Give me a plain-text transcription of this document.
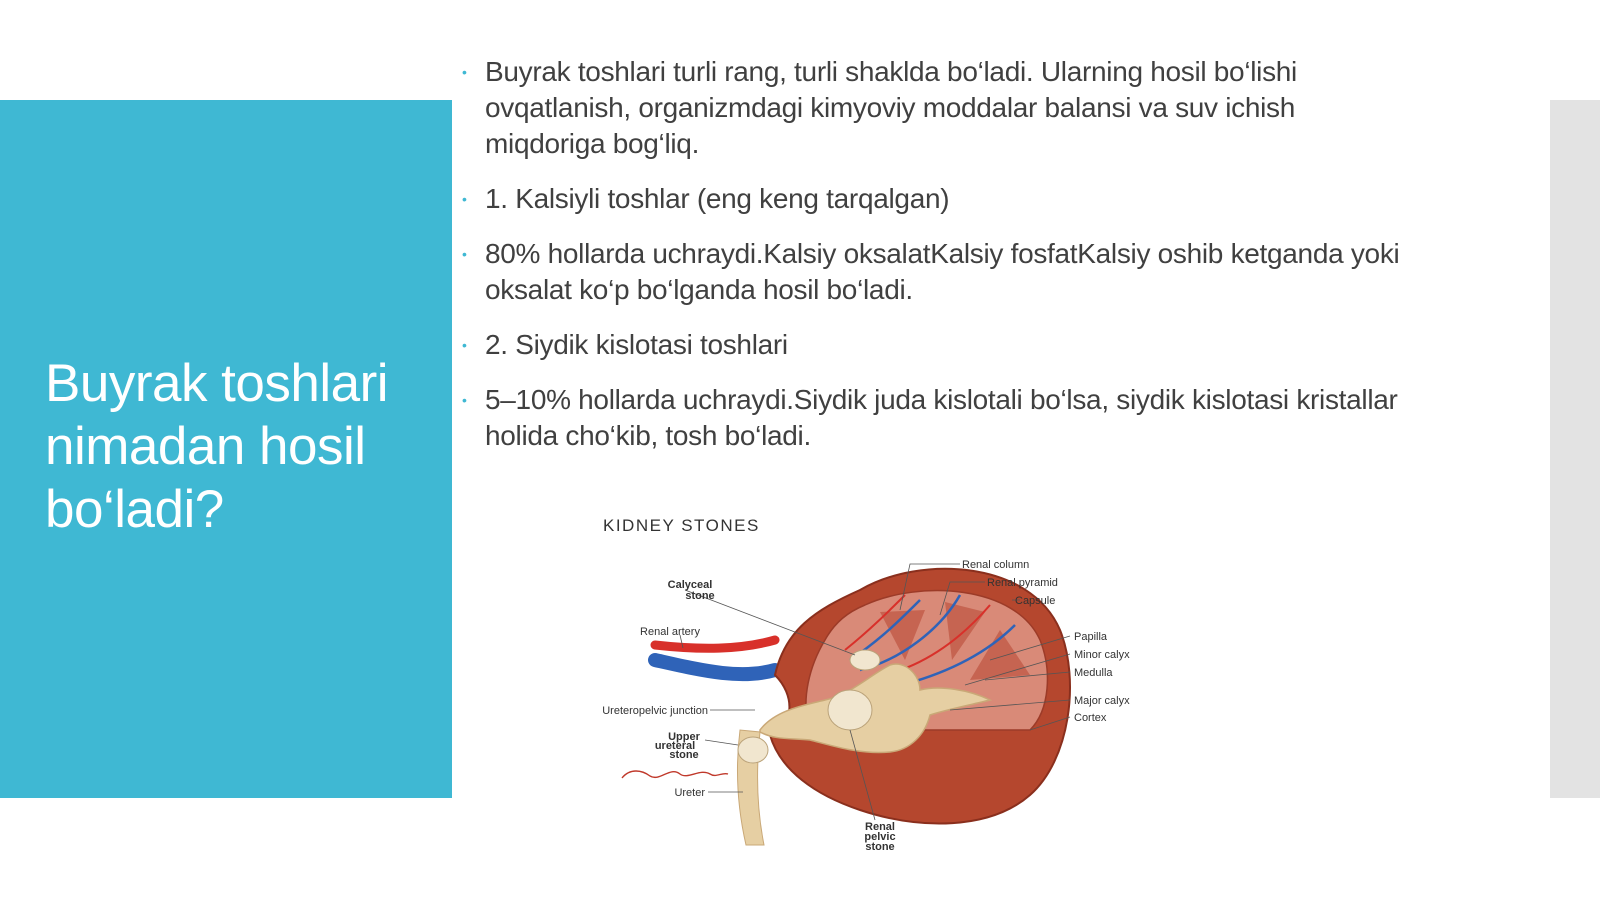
Buyrak toshlari nimadan hosil bo‘ladi?
• Buyrak toshlari turli rang, turli shaklda bo‘ladi. Ularning hosil bo‘lishi ovqatlanish, organizmdagi kimyoviy moddalar balansi va suv ichish miqdoriga bog‘liq.
• 1. Kalsiyli toshlar (eng keng tarqalgan)
• 80% hollarda uchraydi.Kalsiy oksalatKalsiy fosfatKalsiy oshib ketganda yoki oksalat ko‘p bo‘lganda hosil bo‘ladi.
• 2. Siydik kislotasi toshlari
• 5–10% hollarda uchraydi.Siydik juda kislotali bo‘lsa, siydik kislotasi kristallar holida cho‘kib, tosh bo‘ladi.
KIDNEY STONES
Renal column
Renal pyramid
Capsule
Papilla
Minor calyx
Medulla
Major calyx
Cortex
Calyceal
stone
Renal artery
Ureteropelvic junction
Upper
ureteral
stone
Ureter
Renal
pelvic
stone
